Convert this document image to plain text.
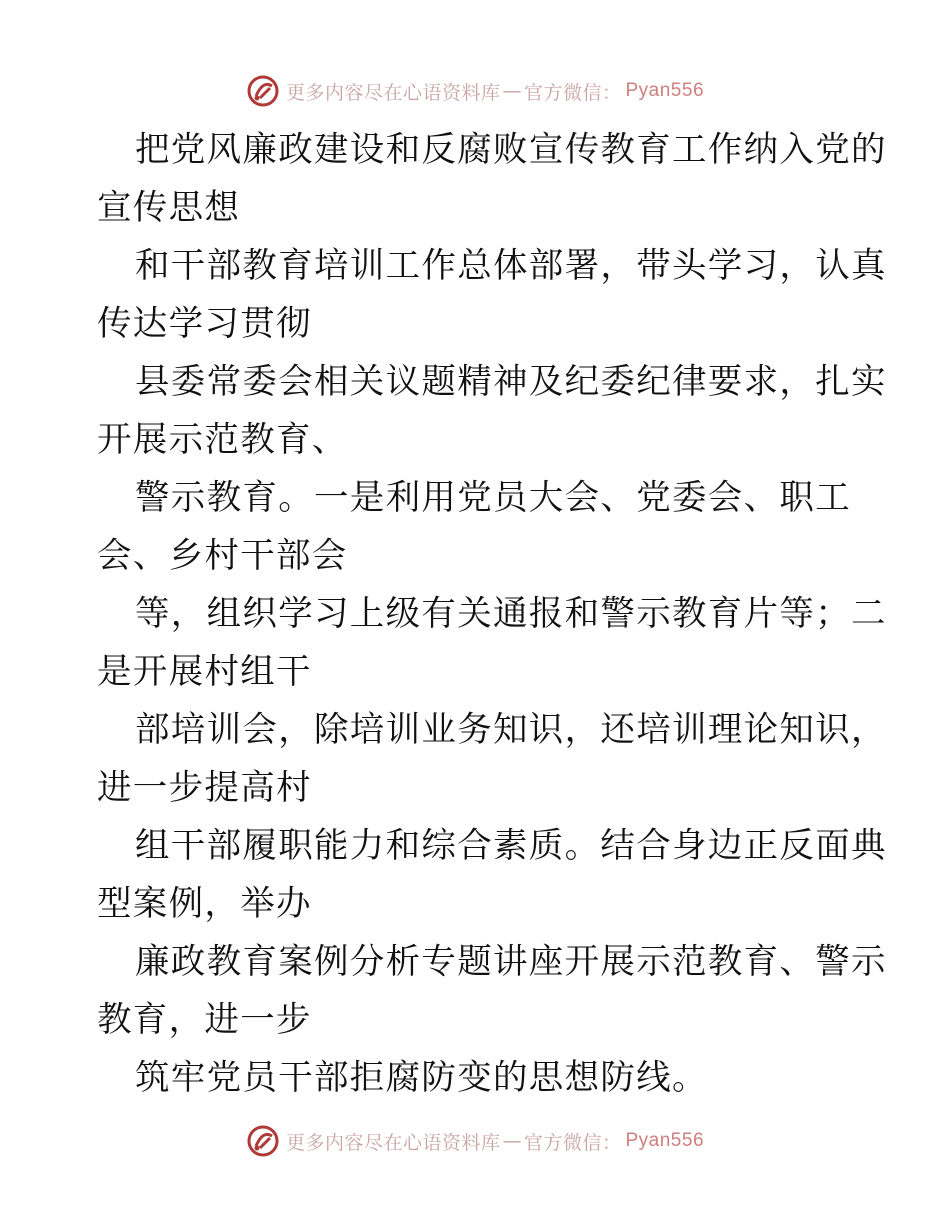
更多内容尽在心语资料库 — 官方微信： Pyan556

把党风廉政建设和反腐败宣传教育工作纳入党的
宣传思想

和干部教育培训工作总体部署，带头学习，认真
传达学习贯彻

县委常委会相关议题精神及纪委纪律要求，扎实
开展示范教育、

警示教育。一是利用党员大会、党委会、职工
会、乡村干部会

等，组织学习上级有关通报和警示教育片等；二
是开展村组干

部培训会，除培训业务知识，还培训理论知识，
进一步提高村

组干部履职能力和综合素质。结合身边正反面典
型案例，举办

廉政教育案例分析专题讲座开展示范教育、警示
教育，进一步

筑牢党员干部拒腐防变的思想防线。

更多内容尽在心语资料库 — 官方微信： Pyan556
